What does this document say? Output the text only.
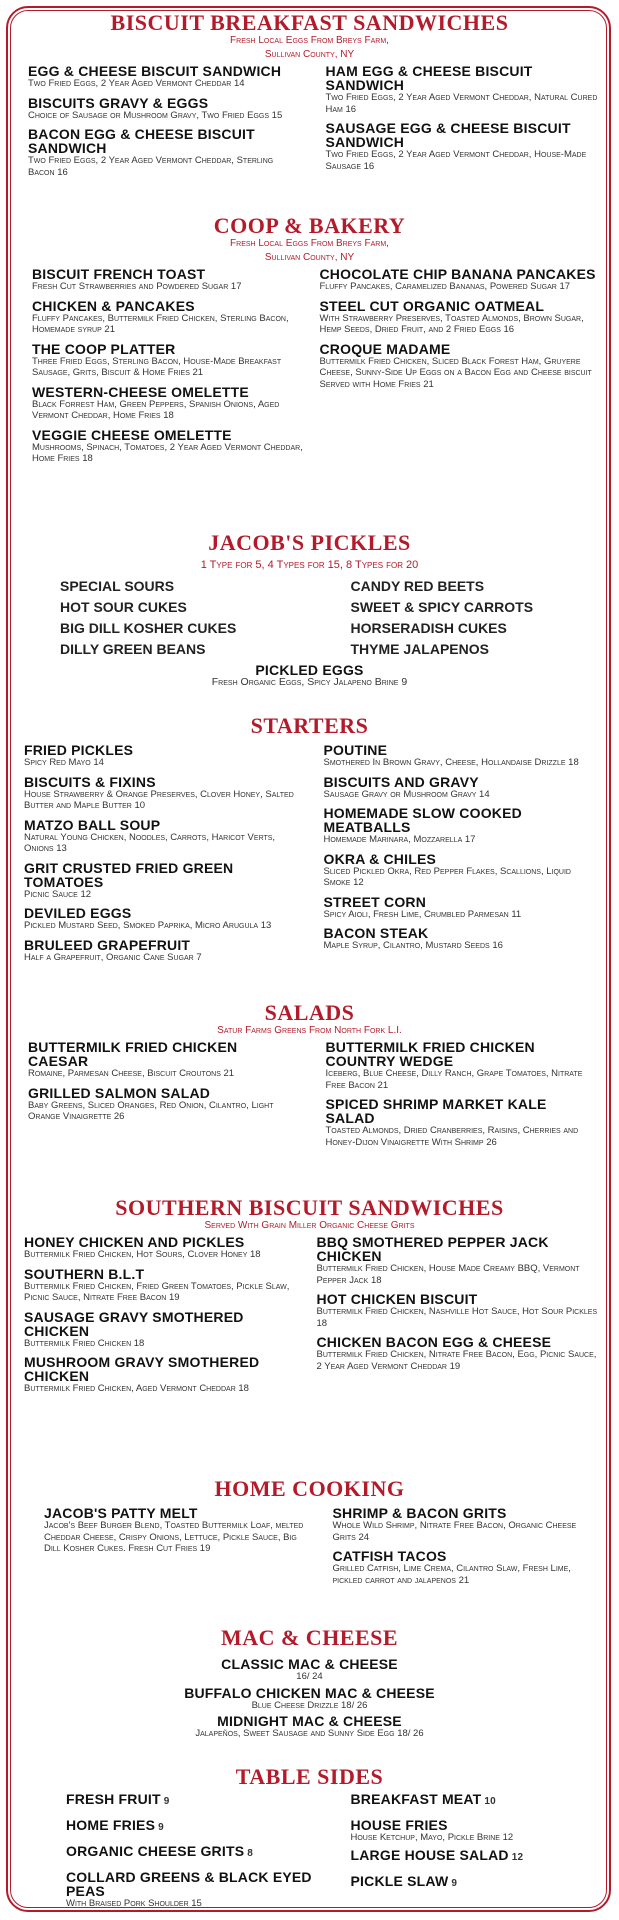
BISCUIT BREAKFAST SANDWICHES
Fresh Local Eggs From Breys Farm,
Sullivan County, NY
EGG & CHEESE BISCUIT SANDWICH
Two Fried Eggs, 2 Year Aged Vermont Cheddar 14
BISCUITS GRAVY & EGGS
Choice of Sausage or Mushroom Gravy, Two Fried Eggs 15
BACON EGG & CHEESE BISCUIT SANDWICH
Two Fried Eggs, 2 Year Aged Vermont Cheddar, Sterling Bacon 16
HAM EGG & CHEESE BISCUIT SANDWICH
Two Fried Eggs, 2 Year Aged Vermont Cheddar, Natural Cured Ham 16
SAUSAGE EGG & CHEESE BISCUIT SANDWICH
Two Fried Eggs, 2 Year Aged Vermont Cheddar, House-Made Sausage 16
COOP & BAKERY
Fresh Local Eggs From Breys Farm,
Sullivan County, NY
BISCUIT FRENCH TOAST
Fresh Cut Strawberries and Powdered Sugar 17
CHICKEN & PANCAKES
Fluffy Pancakes, Buttermilk Fried Chicken, Sterling Bacon, Homemade syrup 21
THE COOP PLATTER
Three Fried Eggs, Sterling Bacon, House-Made Breakfast Sausage, Grits, Biscuit & Home Fries 21
WESTERN-CHEESE OMELETTE
Black Forrest Ham, Green Peppers, Spanish Onions, Aged Vermont Cheddar, Home Fries 18
VEGGIE CHEESE OMELETTE
Mushrooms, Spinach, Tomatoes, 2 Year Aged Vermont Cheddar, Home Fries 18
CHOCOLATE CHIP BANANA PANCAKES
Fluffy Pancakes, Caramelized Bananas, Powered Sugar 17
STEEL CUT ORGANIC OATMEAL
With Strawberry Preserves, Toasted Almonds, Brown Sugar, Hemp Seeds, Dried Fruit, and 2 Fried Eggs 16
CROQUE MADAME
Buttermilk Fried Chicken, Sliced Black Forest Ham, Gruyere Cheese, Sunny-Side Up Eggs on a Bacon Egg and Cheese biscuit Served with Home Fries 21
JACOB'S PICKLES
1 Type for 5, 4 Types for 15, 8 Types for 20
SPECIAL SOURS
HOT SOUR CUKES
BIG DILL KOSHER CUKES
DILLY GREEN BEANS
CANDY RED BEETS
SWEET & SPICY CARROTS
HORSERADISH CUKES
THYME JALAPENOS
PICKLED EGGS
Fresh Organic Eggs, Spicy Jalapeno Brine 9
STARTERS
FRIED PICKLES
Spicy Red Mayo 14
BISCUITS & FIXINS
House Strawberry & Orange Preserves, Clover Honey, Salted Butter and Maple Butter 10
MATZO BALL SOUP
Natural Young Chicken, Noodles, Carrots, Haricot Verts, Onions 13
GRIT CRUSTED FRIED GREEN TOMATOES
Picnic Sauce 12
DEVILED EGGS
Pickled Mustard Seed, Smoked Paprika, Micro Arugula 13
BRULEED GRAPEFRUIT
Half a Grapefruit, Organic Cane Sugar 7
POUTINE
Smothered In Brown Gravy, Cheese, Hollandaise Drizzle 18
BISCUITS AND GRAVY
Sausage Gravy or Mushroom Gravy 14
HOMEMADE SLOW COOKED MEATBALLS
Homemade Marinara, Mozzarella 17
OKRA & CHILES
Sliced Pickled Okra, Red Pepper Flakes, Scallions, Liquid Smoke 12
STREET CORN
Spicy Aioli, Fresh Lime, Crumbled Parmesan 11
BACON STEAK
Maple Syrup, Cilantro, Mustard Seeds 16
SALADS
Satur Farms Greens From North Fork L.I.
BUTTERMILK FRIED CHICKEN CAESAR
Romaine, Parmesan Cheese, Biscuit Croutons 21
GRILLED SALMON SALAD
Baby Greens, Sliced Oranges, Red Onion, Cilantro, Light Orange Vinaigrette 26
BUTTERMILK FRIED CHICKEN COUNTRY WEDGE
Iceberg, Blue Cheese, Dilly Ranch, Grape Tomatoes, Nitrate Free Bacon 21
SPICED SHRIMP MARKET KALE SALAD
Toasted Almonds, Dried Cranberries, Raisins, Cherries and Honey-Dijon Vinaigrette With Shrimp 26
SOUTHERN BISCUIT SANDWICHES
Served With Grain Miller Organic Cheese Grits
HONEY CHICKEN AND PICKLES
Buttermilk Fried Chicken, Hot Sours, Clover Honey 18
SOUTHERN B.L.T
Buttermilk Fried Chicken, Fried Green Tomatoes, Pickle Slaw, Picnic Sauce, Nitrate Free Bacon 19
SAUSAGE GRAVY SMOTHERED CHICKEN
Buttermilk Fried Chicken 18
MUSHROOM GRAVY SMOTHERED CHICKEN
Buttermilk Fried Chicken, Aged Vermont Cheddar 18
BBQ SMOTHERED PEPPER JACK CHICKEN
Buttermilk Fried Chicken, House Made Creamy BBQ, Vermont Pepper Jack 18
HOT CHICKEN BISCUIT
Buttermilk Fried Chicken, Nashville Hot Sauce, Hot Sour Pickles 18
CHICKEN BACON EGG & CHEESE
Buttermilk Fried Chicken, Nitrate Free Bacon, Egg, Picnic Sauce, 2 Year Aged Vermont Cheddar 19
HOME COOKING
JACOB'S PATTY MELT
Jacob's Beef Burger Blend, Toasted Buttermilk Loaf, melted Cheddar Cheese, Crispy Onions, Lettuce, Pickle Sauce, Big Dill Kosher Cukes. Fresh Cut Fries 19
SHRIMP & BACON GRITS
Whole Wild Shrimp, Nitrate Free Bacon, Organic Cheese Grits 24
CATFISH TACOS
Grilled Catfish, Lime Crema, Cilantro Slaw, Fresh Lime, pickled carrot and jalapenos 21
MAC & CHEESE
CLASSIC MAC & CHEESE
16/ 24
BUFFALO CHICKEN MAC & CHEESE
Blue Cheese Drizzle 18/ 26
MIDNIGHT MAC & CHEESE
Jalapeños, Sweet Sausage and Sunny Side Egg 18/ 26
TABLE SIDES
FRESH FRUIT 9
HOME FRIES 9
ORGANIC CHEESE GRITS 8
COLLARD GREENS & BLACK EYED PEAS
With Braised Pork Shoulder 15
BREAKFAST MEAT 10
HOUSE FRIES
House Ketchup, Mayo, Pickle Brine 12
LARGE HOUSE SALAD 12
PICKLE SLAW 9
